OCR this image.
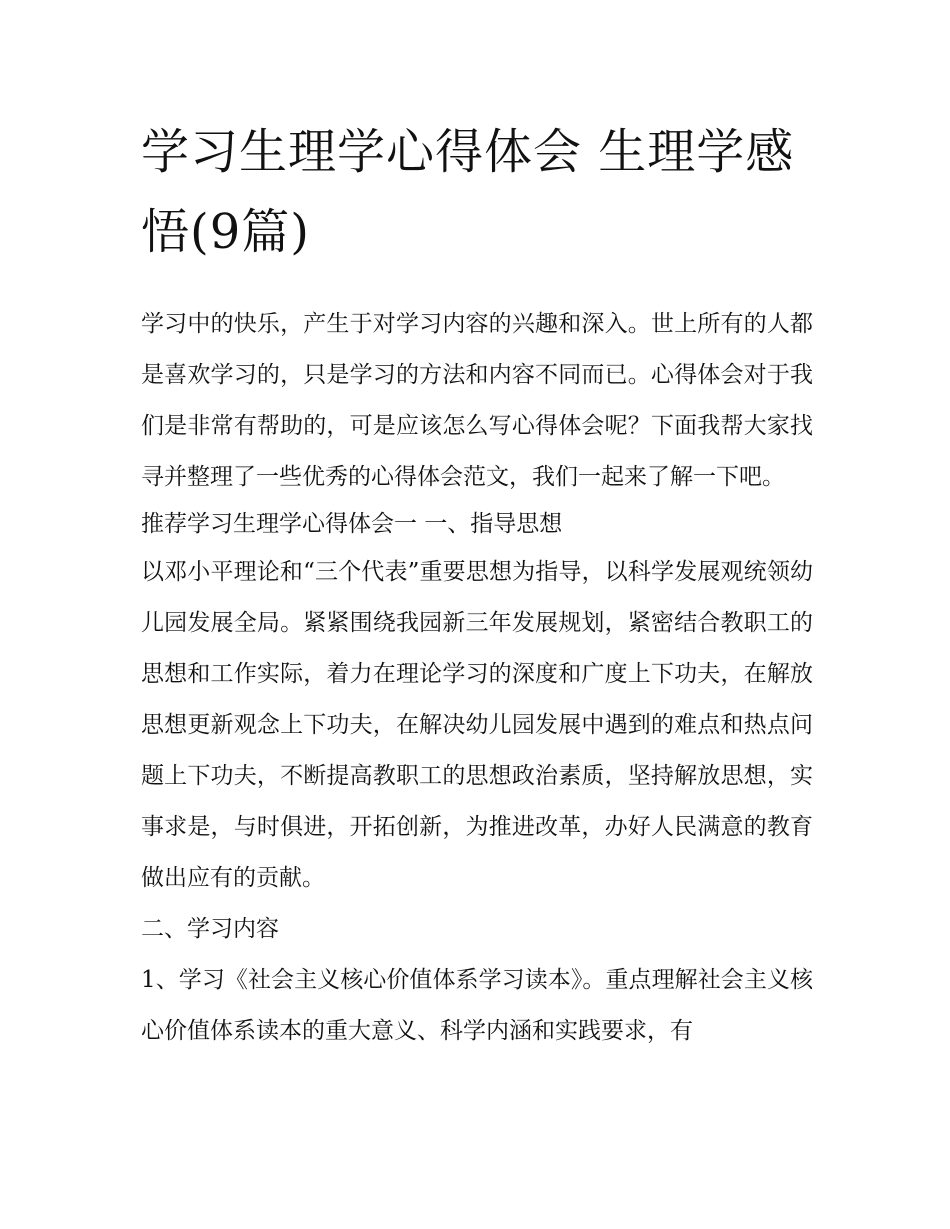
学习生理学心得体会 生理学感悟(9篇)

学习中的快乐，产生于对学习内容的兴趣和深入。世上所有的人都是喜欢学习的，只是学习的方法和内容不同而已。心得体会对于我们是非常有帮助的，可是应该怎么写心得体会呢？下面我帮大家找寻并整理了一些优秀的心得体会范文，我们一起来了解一下吧。

推荐学习生理学心得体会一 一、指导思想

以邓小平理论和“三个代表”重要思想为指导，以科学发展观统领幼儿园发展全局。紧紧围绕我园新三年发展规划，紧密结合教职工的思想和工作实际，着力在理论学习的深度和广度上下功夫，在解放思想更新观念上下功夫，在解决幼儿园发展中遇到的难点和热点问题上下功夫，不断提高教职工的思想政治素质，坚持解放思想，实事求是，与时俱进，开拓创新，为推进改革，办好人民满意的教育做出应有的贡献。

二、学习内容

1、学习《社会主义核心价值体系学习读本》。重点理解社会主义核心价值体系读本的重大意义、科学内涵和实践要求，有
